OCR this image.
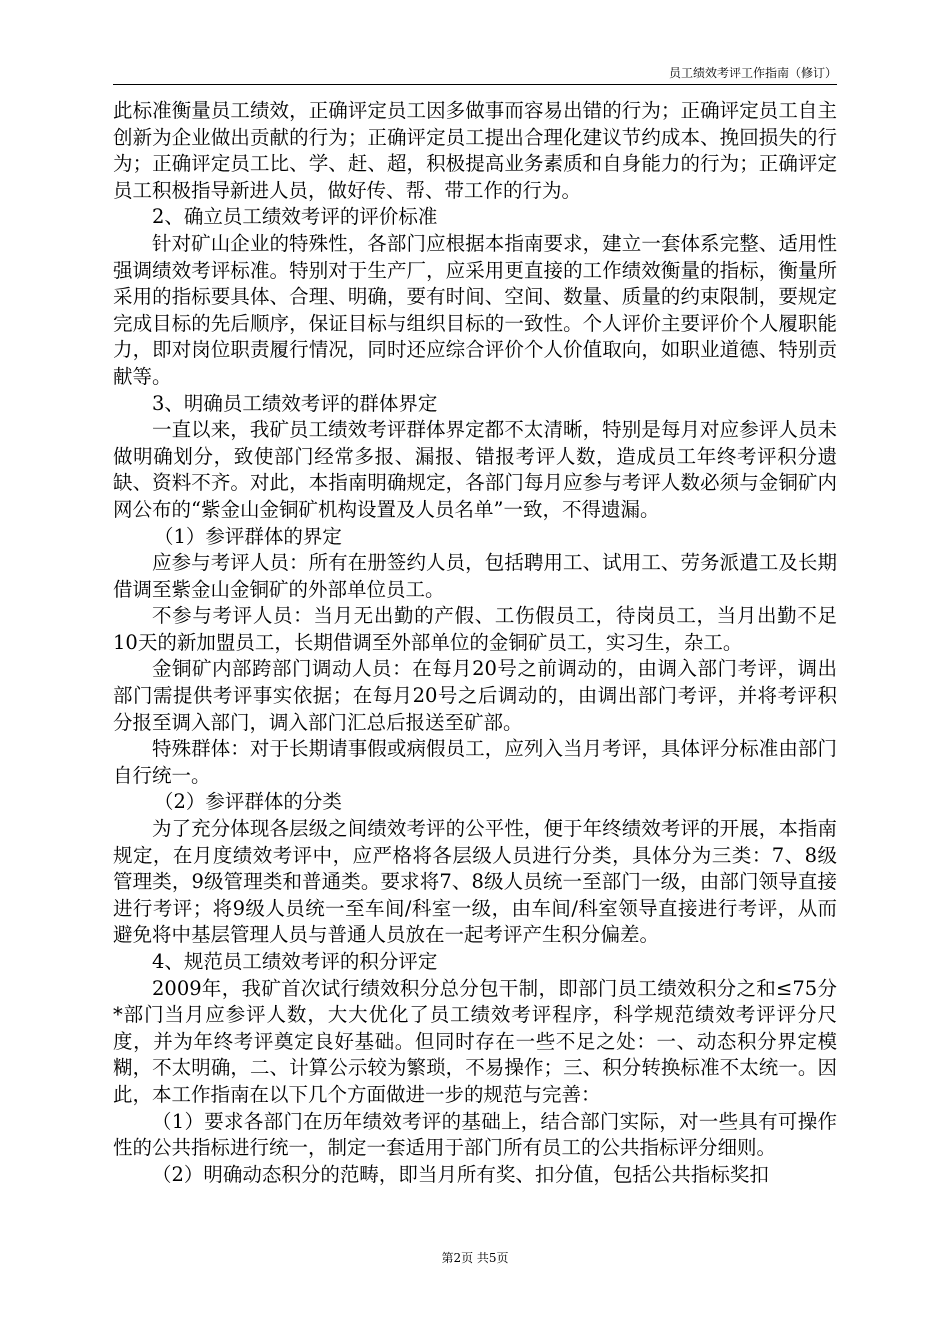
员工绩效考评工作指南（修订）

此标准衡量员工绩效，正确评定员工因多做事而容易出错的行为；正确评定员工自主创新为企业做出贡献的行为；正确评定员工提出合理化建议节约成本、挽回损失的行为；正确评定员工比、学、赶、超，积极提高业务素质和自身能力的行为；正确评定员工积极指导新进人员，做好传、帮、带工作的行为。

2、确立员工绩效考评的评价标准

针对矿山企业的特殊性，各部门应根据本指南要求，建立一套体系完整、适用性强调绩效考评标准。特别对于生产厂，应采用更直接的工作绩效衡量的指标，衡量所采用的指标要具体、合理、明确，要有时间、空间、数量、质量的约束限制，要规定完成目标的先后顺序，保证目标与组织目标的一致性。个人评价主要评价个人履职能力，即对岗位职责履行情况，同时还应综合评价个人价值取向，如职业道德、特别贡献等。

3、明确员工绩效考评的群体界定

一直以来，我矿员工绩效考评群体界定都不太清晰，特别是每月对应参评人员未做明确划分，致使部门经常多报、漏报、错报考评人数，造成员工年终考评积分遗缺、资料不齐。对此，本指南明确规定，各部门每月应参与考评人数必须与金铜矿内网公布的“紫金山金铜矿机构设置及人员名单”一致，不得遗漏。

（1）参评群体的界定

应参与考评人员：所有在册签约人员，包括聘用工、试用工、劳务派遣工及长期借调至紫金山金铜矿的外部单位员工。

不参与考评人员：当月无出勤的产假、工伤假员工，待岗员工，当月出勤不足10天的新加盟员工，长期借调至外部单位的金铜矿员工，实习生，杂工。

金铜矿内部跨部门调动人员：在每月20号之前调动的，由调入部门考评，调出部门需提供考评事实依据；在每月20号之后调动的，由调出部门考评，并将考评积分报至调入部门，调入部门汇总后报送至矿部。

特殊群体：对于长期请事假或病假员工，应列入当月考评，具体评分标准由部门自行统一。

（2）参评群体的分类

为了充分体现各层级之间绩效考评的公平性，便于年终绩效考评的开展，本指南规定，在月度绩效考评中，应严格将各层级人员进行分类，具体分为三类：7、8级管理类，9级管理类和普通类。要求将7、8级人员统一至部门一级，由部门领导直接进行考评；将9级人员统一至车间/科室一级，由车间/科室领导直接进行考评，从而避免将中基层管理人员与普通人员放在一起考评产生积分偏差。

4、规范员工绩效考评的积分评定

2009年，我矿首次试行绩效积分总分包干制，即部门员工绩效积分之和≤75分*部门当月应参评人数，大大优化了员工绩效考评程序，科学规范绩效考评评分尺度，并为年终考评奠定良好基础。但同时存在一些不足之处：一、动态积分界定模糊，不太明确，二、计算公示较为繁琐，不易操作；三、积分转换标准不太统一。因此，本工作指南在以下几个方面做进一步的规范与完善：

（1）要求各部门在历年绩效考评的基础上，结合部门实际，对一些具有可操作性的公共指标进行统一，制定一套适用于部门所有员工的公共指标评分细则。

（2）明确动态积分的范畴，即当月所有奖、扣分值，包括公共指标奖扣

第2页 共5页
